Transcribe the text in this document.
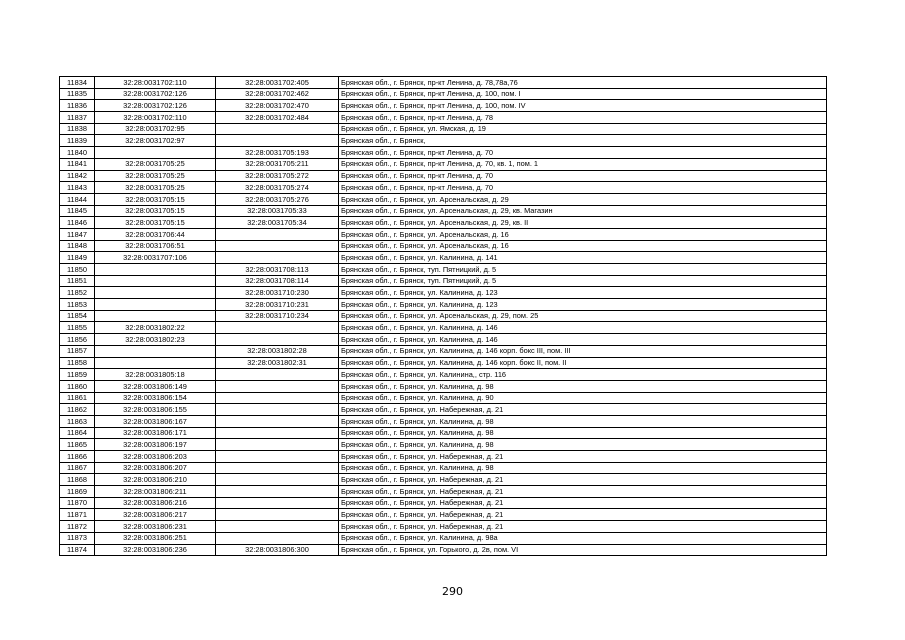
11834	32:28:0031702:110	32:28:0031702:405	Брянская обл., г. Брянск, пр-кт Ленина, д. 78,78а,76
11835	32:28:0031702:126	32:28:0031702:462	Брянская обл., г. Брянск, пр-кт Ленина, д. 100, пом. I
11836	32:28:0031702:126	32:28:0031702:470	Брянская обл., г. Брянск, пр-кт Ленина, д. 100, пом. IV
11837	32:28:0031702:110	32:28:0031702:484	Брянская обл., г. Брянск, пр-кт Ленина, д. 78
11838	32:28:0031702:95		Брянская обл., г. Брянск, ул. Ямская, д. 19
11839	32:28:0031702:97		Брянская обл., г. Брянск,
11840		32:28:0031705:193	Брянская обл., г. Брянск, пр-кт Ленина, д. 70
11841	32:28:0031705:25	32:28:0031705:211	Брянская обл., г. Брянск, пр-кт Ленина, д. 70, кв. 1, пом. 1
11842	32:28:0031705:25	32:28:0031705:272	Брянская обл., г. Брянск, пр-кт Ленина, д. 70
11843	32:28:0031705:25	32:28:0031705:274	Брянская обл., г. Брянск, пр-кт Ленина, д. 70
11844	32:28:0031705:15	32:28:0031705:276	Брянская обл., г. Брянск, ул. Арсенальская, д. 29
11845	32:28:0031705:15	32:28:0031705:33	Брянская обл., г. Брянск, ул. Арсенальская, д. 29, кв. Магазин
11846	32:28:0031705:15	32:28:0031705:34	Брянская обл., г. Брянск, ул. Арсенальская, д. 29, кв. II
11847	32:28:0031706:44		Брянская обл., г. Брянск, ул. Арсенальская, д. 16
11848	32:28:0031706:51		Брянская обл., г. Брянск, ул. Арсенальская, д. 16
11849	32:28:0031707:106		Брянская обл., г. Брянск, ул. Калинина, д. 141
11850		32:28:0031708:113	Брянская обл., г. Брянск, туп. Пятницкий, д. 5
11851		32:28:0031708:114	Брянская обл., г. Брянск, туп. Пятницкий, д. 5
11852		32:28:0031710:230	Брянская обл., г. Брянск, ул. Калинина, д. 123
11853		32:28:0031710:231	Брянская обл., г. Брянск, ул. Калинина, д. 123
11854		32:28:0031710:234	Брянская обл., г. Брянск, ул. Арсенальская, д. 29, пом. 25
11855	32:28:0031802:22		Брянская обл., г. Брянск, ул. Калинина, д. 146
11856	32:28:0031802:23		Брянская обл., г. Брянск, ул. Калинина, д. 146
11857		32:28:0031802:28	Брянская обл., г. Брянск, ул. Калинина, д. 146 корп. бокс III, пом. III
11858		32:28:0031802:31	Брянская обл., г. Брянск, ул. Калинина, д. 146 корп. бокс II, пом. II
11859	32:28:0031805:18		Брянская обл., г. Брянск, ул. Калинина,, стр. 116
11860	32:28:0031806:149		Брянская обл., г. Брянск, ул. Калинина, д. 98
11861	32:28:0031806:154		Брянская обл., г. Брянск, ул. Калинина, д. 90
11862	32:28:0031806:155		Брянская обл., г. Брянск, ул. Набережная, д. 21
11863	32:28:0031806:167		Брянская обл., г. Брянск, ул. Калинина, д. 98
11864	32:28:0031806:171		Брянская обл., г. Брянск, ул. Калинина, д. 98
11865	32:28:0031806:197		Брянская обл., г. Брянск, ул. Калинина, д. 98
11866	32:28:0031806:203		Брянская обл., г. Брянск, ул. Набережная, д. 21
11867	32:28:0031806:207		Брянская обл., г. Брянск, ул. Калинина, д. 98
11868	32:28:0031806:210		Брянская обл., г. Брянск, ул. Набережная, д. 21
11869	32:28:0031806:211		Брянская обл., г. Брянск, ул. Набережная, д. 21
11870	32:28:0031806:216		Брянская обл., г. Брянск, ул. Набережная, д. 21
11871	32:28:0031806:217		Брянская обл., г. Брянск, ул. Набережная, д. 21
11872	32:28:0031806:231		Брянская обл., г. Брянск, ул. Набережная, д. 21
11873	32:28:0031806:251		Брянская обл., г. Брянск, ул. Калинина, д. 98а
11874	32:28:0031806:236	32:28:0031806:300	Брянская обл., г. Брянск, ул. Горького, д. 2в, пом. VI
290
